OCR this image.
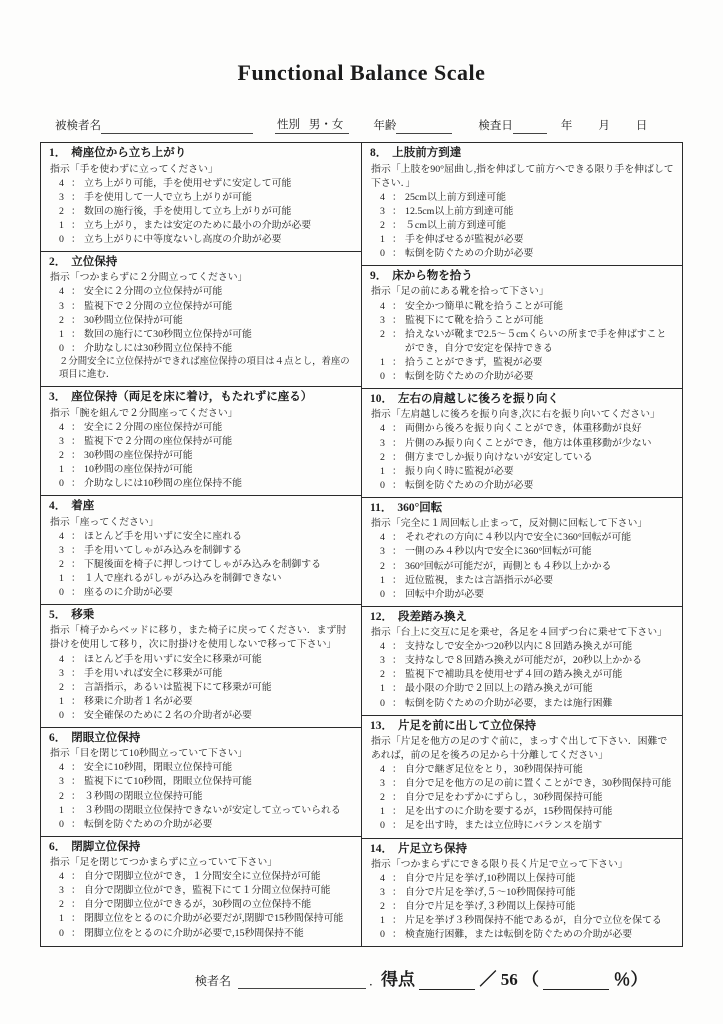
Functional Balance Scale
被検者名	性別 男・女	年齢	検査日	年 月 日
1． 椅座位から立ち上がり
指示「手を使わずに立ってください」
4 ： 立ち上がり可能，手を使用せずに安定して可能
3 ： 手を使用して一人で立ち上がりが可能
2 ： 数回の施行後，手を使用して立ち上がりが可能
1 ： 立ち上がり，または安定のために最小の介助が必要
0 ： 立ち上がりに中等度ないし高度の介助が必要
2． 立位保持
指示「つかまらずに２分間立ってください」
4 ： 安全に２分間の立位保持が可能
3 ： 監視下で２分間の立位保持が可能
2 ： 30秒間立位保持が可能
1 ： 数回の施行にて30秒間立位保持が可能
0 ： 介助なしには30秒間立位保持不能
２分間安全に立位保持ができれば座位保持の項目は４点とし，着座の項目に進む．
3． 座位保持（両足を床に着け，もたれずに座る）
指示「腕を組んで２分間座ってください」
4 ： 安全に２分間の座位保持が可能
3 ： 監視下で２分間の座位保持が可能
2 ： 30秒間の座位保持が可能
1 ： 10秒間の座位保持が可能
0 ： 介助なしには10秒間の座位保持不能
4． 着座
指示「座ってください」
4 ： ほとんど手を用いずに安全に座れる
3 ： 手を用いてしゃがみ込みを制御する
2 ： 下腿後面を椅子に押しつけてしゃがみ込みを制御する
1 ： １人で座れるがしゃがみ込みを制御できない
0 ： 座るのに介助が必要
5． 移乗
指示「椅子からベッドに移り，また椅子に戻ってください．まず肘掛けを使用して移り，次に肘掛けを使用しないで移って下さい」
4 ： ほとんど手を用いずに安全に移乗が可能
3 ： 手を用いれば安全に移乗が可能
2 ： 言語指示，あるいは監視下にて移乗が可能
1 ： 移乗に介助者１名が必要
0 ： 安全確保のために２名の介助者が必要
6． 閉眼立位保持
指示「目を閉じて10秒間立っていて下さい」
4 ： 安全に10秒間，閉眼立位保持可能
3 ： 監視下にて10秒間，閉眼立位保持可能
2 ： ３秒間の閉眼立位保持可能
1 ： ３秒間の閉眼立位保持できないが安定して立っていられる
0 ： 転倒を防ぐための介助が必要
6． 閉脚立位保持
指示「足を閉じてつかまらずに立っていて下さい」
4 ： 自分で閉脚立位ができ，１分間安全に立位保持が可能
3 ： 自分で閉脚立位ができ，監視下にて１分間立位保持可能
2 ： 自分で閉脚立位ができるが，30秒間の立位保持不能
1 ： 閉脚立位をとるのに介助が必要だが,閉脚で15秒間保持可能
0 ： 閉脚立位をとるのに介助が必要で,15秒間保持不能
8． 上肢前方到達
指示「上肢を90°屈曲し,指を伸ばして前方へできる限り手を伸ばして下さい．」
4 ： 25cm以上前方到達可能
3 ： 12.5cm以上前方到達可能
2 ： ５cm以上前方到達可能
1 ： 手を伸ばせるが監視が必要
0 ： 転倒を防ぐための介助が必要
9． 床から物を拾う
指示「足の前にある靴を拾って下さい」
4 ： 安全かつ簡単に靴を拾うことが可能
3 ： 監視下にて靴を拾うことが可能
2 ： 拾えないが靴まで2.5～５cmくらいの所まで手を伸ばすことができ，自分で安定を保持できる
1 ： 拾うことができず，監視が必要
0 ： 転倒を防ぐための介助が必要
10． 左右の肩越しに後ろを振り向く
指示「左肩越しに後ろを振り向き,次に右を振り向いてください」
4 ： 両側から後ろを振り向くことができ，体重移動が良好
3 ： 片側のみ振り向くことができ，他方は体重移動が少ない
2 ： 側方までしか振り向けないが安定している
1 ： 振り向く時に監視が必要
0 ： 転倒を防ぐための介助が必要
11． 360°回転
指示「完全に１周回転し止まって，反対側に回転して下さい」
4 ： それぞれの方向に４秒以内で安全に360°回転が可能
3 ： 一側のみ４秒以内で安全に360°回転が可能
2 ： 360°回転が可能だが，両側とも４秒以上かかる
1 ： 近位監視，または言語指示が必要
0 ： 回転中介助が必要
12． 段差踏み換え
指示「台上に交互に足を乗せ，各足を４回ずつ台に乗せて下さい」
4 ： 支持なしで安全かつ20秒以内に８回踏み換えが可能
3 ： 支持なしで８回踏み換えが可能だが，20秒以上かかる
2 ： 監視下で補助具を使用せず４回の踏み換えが可能
1 ： 最小限の介助で２回以上の踏み換えが可能
0 ： 転倒を防ぐための介助が必要，または施行困難
13． 片足を前に出して立位保持
指示「片足を他方の足のすぐ前に，まっすぐ出して下さい．困難であれば，前の足を後ろの足から十分離してください」
4 ： 自分で継ぎ足位をとり，30秒間保持可能
3 ： 自分で足を他方の足の前に置くことができ，30秒間保持可能
2 ： 自分で足をわずかにずらし，30秒間保持可能
1 ： 足を出すのに介助を要するが，15秒間保持可能
0 ： 足を出す時，または立位時にバランスを崩す
14． 片足立ち保持
指示「つかまらずにできる限り長く片足で立って下さい」
4 ： 自分で片足を挙げ,10秒間以上保持可能
3 ： 自分で片足を挙げ,５～10秒間保持可能
2 ： 自分で片足を挙げ,３秒間以上保持可能
1 ： 片足を挙げ３秒間保持不能であるが，自分で立位を保てる
0 ： 検査施行困難，または転倒を防ぐための介助が必要
検者名	． 得点	／ 56 （	％）
